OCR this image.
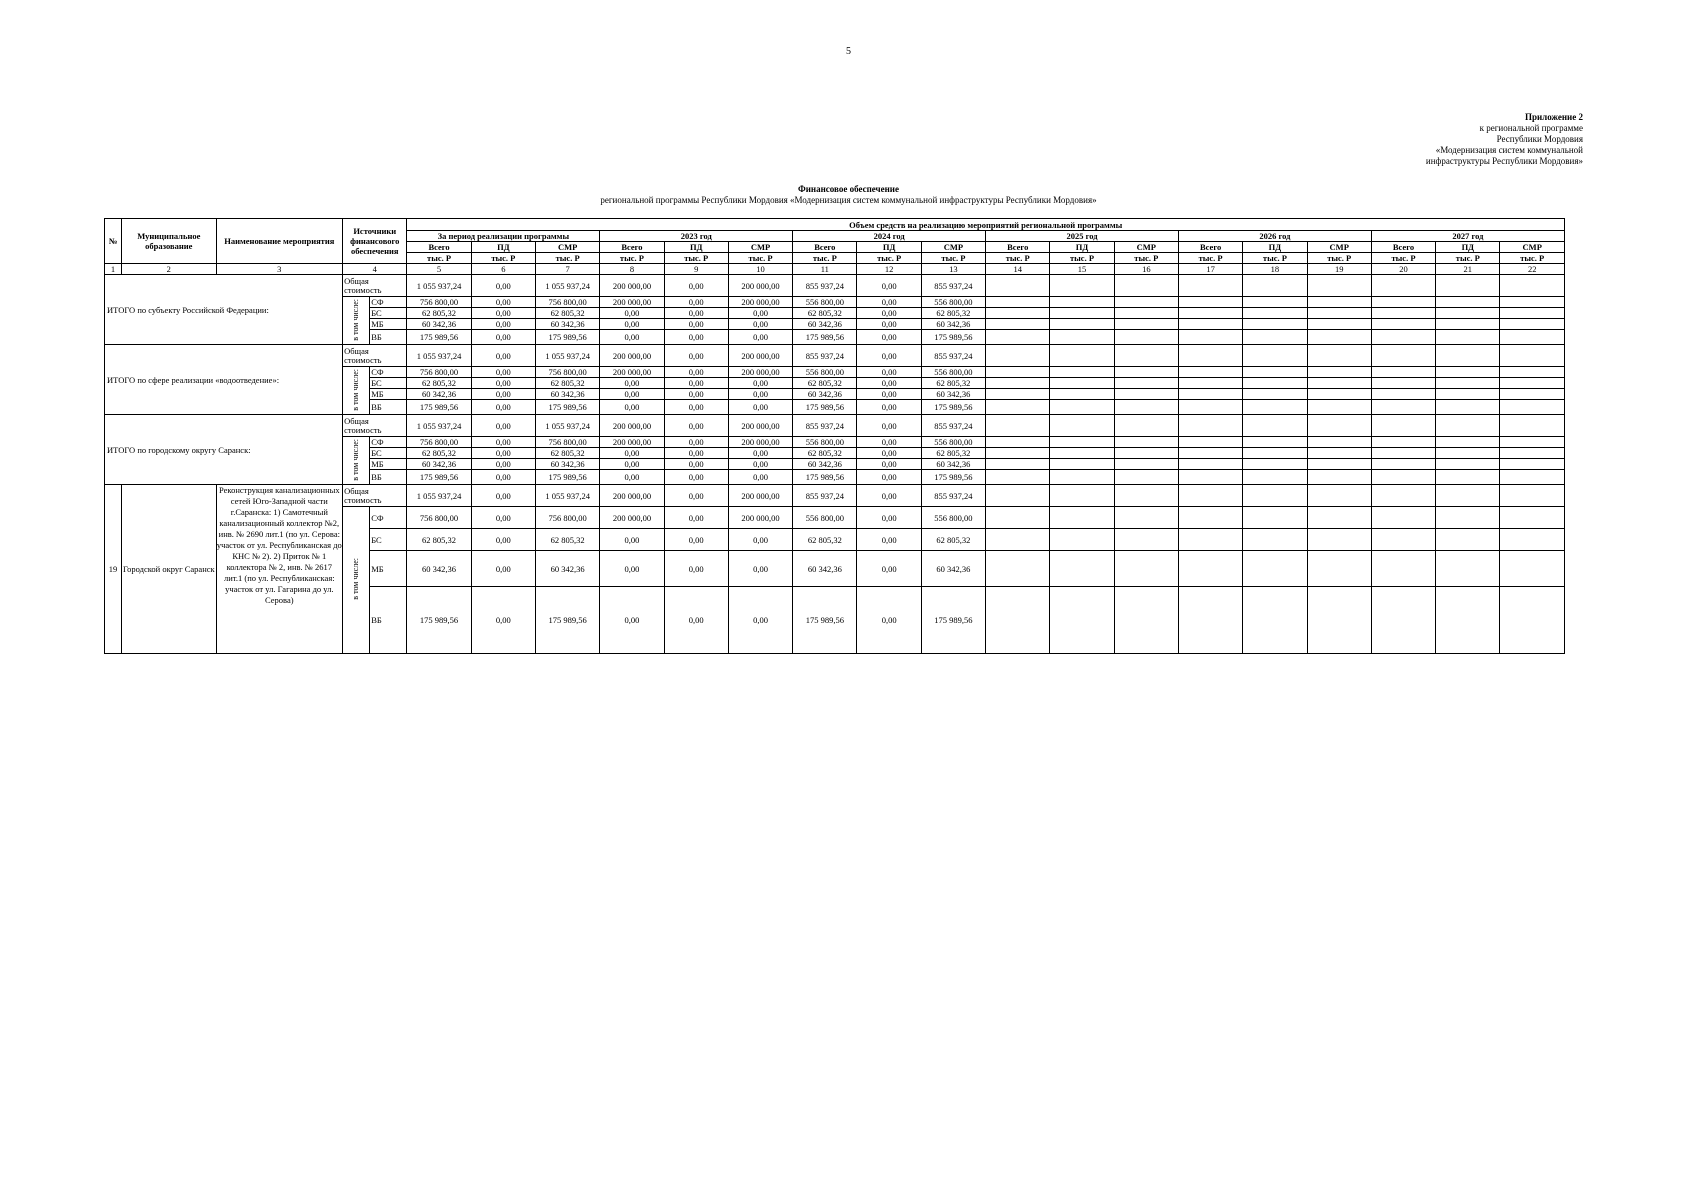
5
Приложение 2
к региональной программе
Республики Мордовия
«Модернизация систем коммунальной
инфраструктуры Республики Мордовия»
Финансовое обеспечение
региональной программы Республики Мордовия «Модернизация систем коммунальной инфраструктуры Республики Мордовия»
№	Муниципальное образование	Наименование мероприятия	Источники финансового обеспечения		Объем средств на реализацию мероприятий региональной программы																	
					За период реализации программы			2023 год			2024 год			2025 год			2026 год			2027 год		
					Всего	ПД	СМР	Всего	ПД	СМР	Всего	ПД	СМР	Всего	ПД	СМР	Всего	ПД	СМР	Всего	ПД	СМР
					тыс. Р	тыс. Р	тыс. Р	тыс. Р	тыс. Р	тыс. Р	тыс. Р	тыс. Р	тыс. Р	тыс. Р	тыс. Р	тыс. Р	тыс. Р	тыс. Р	тыс. Р	тыс. Р	тыс. Р	тыс. Р
1	2	3	4		5	6	7	8	9	10	11	12	13	14	15	16	17	18	19	20	21	22
ИТОГО по субъекту Российской Федерации:			Общая стоимость		1 055 937,24	0,00	1 055 937,24	200 000,00	0,00	200 000,00	855 937,24	0,00	855 937,24									
			в том числе:	СФ	756 800,00	0,00	756 800,00	200 000,00	0,00	200 000,00	556 800,00	0,00	556 800,00									
				БС	62 805,32	0,00	62 805,32	0,00	0,00	0,00	62 805,32	0,00	62 805,32									
				МБ	60 342,36	0,00	60 342,36	0,00	0,00	0,00	60 342,36	0,00	60 342,36									
				ВБ	175 989,56	0,00	175 989,56	0,00	0,00	0,00	175 989,56	0,00	175 989,56									
ИТОГО по сфере реализации «водоотведение»:			Общая стоимость		1 055 937,24	0,00	1 055 937,24	200 000,00	0,00	200 000,00	855 937,24	0,00	855 937,24									
			в том числе:	СФ	756 800,00	0,00	756 800,00	200 000,00	0,00	200 000,00	556 800,00	0,00	556 800,00									
				БС	62 805,32	0,00	62 805,32	0,00	0,00	0,00	62 805,32	0,00	62 805,32									
				МБ	60 342,36	0,00	60 342,36	0,00	0,00	0,00	60 342,36	0,00	60 342,36									
				ВБ	175 989,56	0,00	175 989,56	0,00	0,00	0,00	175 989,56	0,00	175 989,56									
ИТОГО по городскому округу Саранск:			Общая стоимость		1 055 937,24	0,00	1 055 937,24	200 000,00	0,00	200 000,00	855 937,24	0,00	855 937,24									
			в том числе:	СФ	756 800,00	0,00	756 800,00	200 000,00	0,00	200 000,00	556 800,00	0,00	556 800,00									
				БС	62 805,32	0,00	62 805,32	0,00	0,00	0,00	62 805,32	0,00	62 805,32									
				МБ	60 342,36	0,00	60 342,36	0,00	0,00	0,00	60 342,36	0,00	60 342,36									
				ВБ	175 989,56	0,00	175 989,56	0,00	0,00	0,00	175 989,56	0,00	175 989,56									
19	Городской округ Саранск	Реконструкция канализационных сетей Юго-Западной части г.Саранска: 1) Самотечный канализационный коллектор №2, инв. № 2690 лит.1 (по ул. Серова: участок от ул. Республиканская до КНС № 2). 2) Приток № 1 коллектора № 2, инв. № 2617 лит.1 (по ул. Республиканская: участок от ул. Гагарина до ул. Серова)	Общая стоимость		1 055 937,24	0,00	1 055 937,24	200 000,00	0,00	200 000,00	855 937,24	0,00	855 937,24									
			в том числе:	СФ	756 800,00	0,00	756 800,00	200 000,00	0,00	200 000,00	556 800,00	0,00	556 800,00									
				БС	62 805,32	0,00	62 805,32	0,00	0,00	0,00	62 805,32	0,00	62 805,32									
				МБ	60 342,36	0,00	60 342,36	0,00	0,00	0,00	60 342,36	0,00	60 342,36									
				ВБ	175 989,56	0,00	175 989,56	0,00	0,00	0,00	175 989,56	0,00	175 989,56									
